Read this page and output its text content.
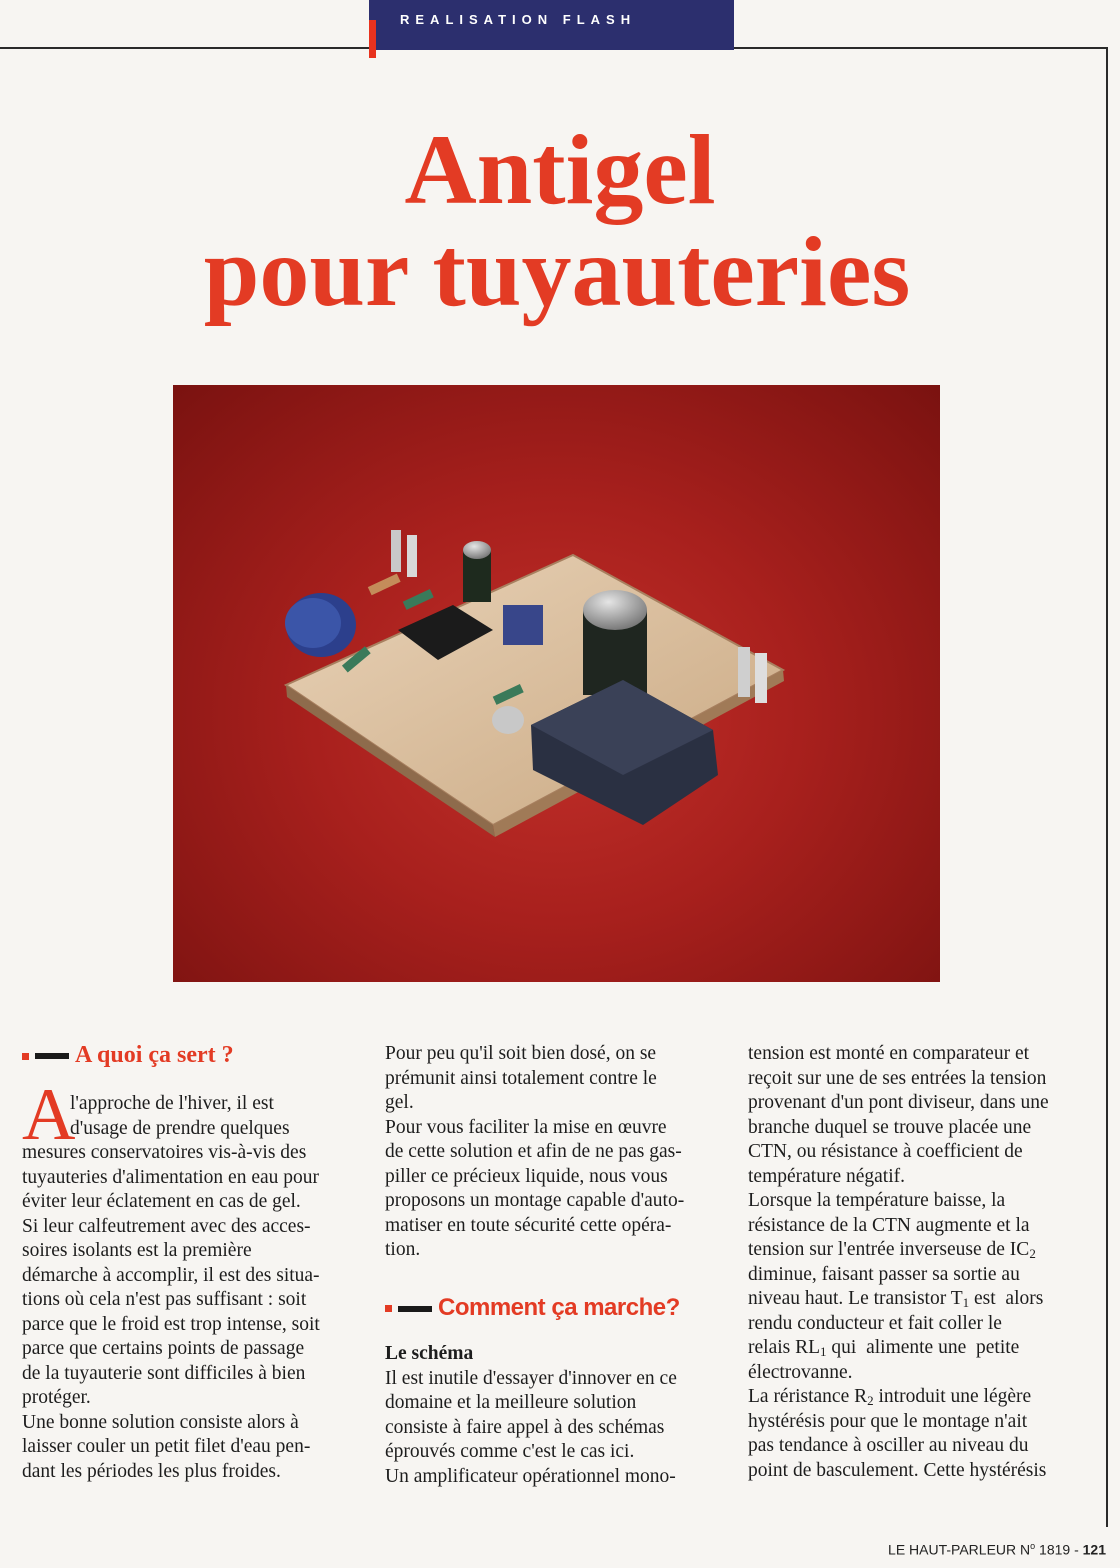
REALISATION FLASH
Antigel
pour tuyauteries
A quoi ça sert ?
A
l'approche de l'hiver, il est
d'usage de prendre quelques
mesures conservatoires vis-à-vis des
tuyauteries d'alimentation en eau pour
éviter leur éclatement en cas de gel.
Si leur calfeutrement avec des acces-
soires isolants est la première
démarche à accomplir, il est des situa-
tions où cela n'est pas suffisant : soit
parce que le froid est trop intense, soit
parce que certains points de passage
de la tuyauterie sont difficiles à bien
protéger.
Une bonne solution consiste alors à
laisser couler un petit filet d'eau pen-
dant les périodes les plus froides.
Pour peu qu'il soit bien dosé, on se
prémunit ainsi totalement contre le
gel.
Pour vous faciliter la mise en œuvre
de cette solution et afin de ne pas gas-
piller ce précieux liquide, nous vous
proposons un montage capable d'auto-
matiser en toute sécurité cette opéra-
tion.
Comment ça marche?
Le schéma
Il est inutile d'essayer d'innover en ce
domaine et la meilleure solution
consiste à faire appel à des schémas
éprouvés comme c'est le cas ici.
Un amplificateur opérationnel mono-
tension est monté en comparateur et
reçoit sur une de ses entrées la tension
provenant d'un pont diviseur, dans une
branche duquel se trouve placée une
CTN, ou résistance à coefficient de
température négatif.
Lorsque la température baisse, la
résistance de la CTN augmente et la
tension sur l'entrée inverseuse de $IC_2$
diminue, faisant passer sa sortie au
niveau haut. Le transistor $T_1$ est  alors
rendu conducteur et fait coller le
relais $RL_1$ qui  alimente une  petite
électrovanne.
La réristance $R_2$ introduit une légère
hystérésis pour que le montage n'ait
pas tendance à osciller au niveau du
point de basculement. Cette hystérésis
LE HAUT-PARLEUR $N^o$ 1819 - 121
